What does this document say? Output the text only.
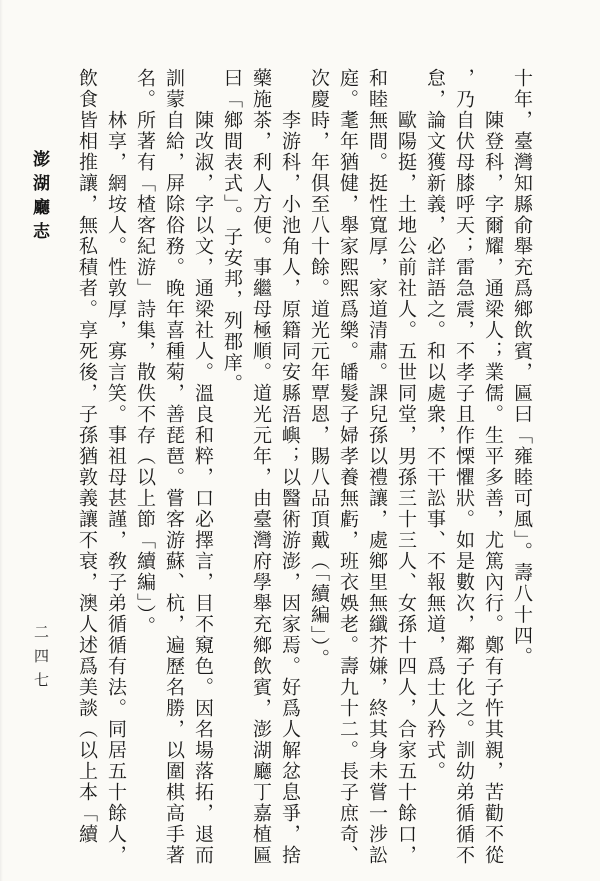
澎湖廳志	十年，臺灣知縣俞舉充爲鄉飲賓，匾曰「雍睦可風」。壽八十四。
陳登科，字爾耀，通梁人；業儒。生平多善，尤篤內行。鄭有子忤其親，苦勸不從
，乃自伏母膝呼天；雷急震，不孝子且作慄懼狀。如是數次，鄰子化之。訓幼弟循循不
怠，論文獲新義，必詳語之。和以處衆，不干訟事、不報無道，爲士人矜式。
歐陽挺，土地公前社人。五世同堂，男孫三十三人、女孫十四人，合家五十餘口，
和睦無間。挺性寬厚，家道清肅。課兒孫以禮讓，處鄉里無纖芥嫌，終其身未嘗一涉訟
庭。耄年猶健，舉家熙熙爲樂。皤髮子婦孝養無虧，班衣娛老。壽九十二。長子庶奇、
次慶時，年俱至八十餘。道光元年覃恩，賜八品頂戴（「續編」）。
李游科，小池角人，原籍同安縣浯嶼；以醫術游澎，因家焉。好爲人解忿息爭，捨
藥施茶，利人方便。事繼母極順。道光元年，由臺灣府學舉充鄉飲賓，澎湖廳丁嘉植匾
曰「鄉間表式」。子安邦，列郡庠。
陳改淑，字以文，通梁社人。溫良和粹，口必擇言，目不窺色。因名場落拓，退而
訓蒙自給，屏除俗務。晚年喜種菊，善琵琶。嘗客游蘇、杭，遍歷名勝，以圍棋高手著
名。所著有「楂客紀游」詩集，散佚不存（以上節「續編」）。
林享，網垵人。性敦厚，寡言笑。事祖母甚謹，敎子弟循循有法。同居五十餘人，
飲食皆相推讓，無私積者。享死後，子孫猶敦義讓不衰，澳人述爲美談（以上本「續
二四七
